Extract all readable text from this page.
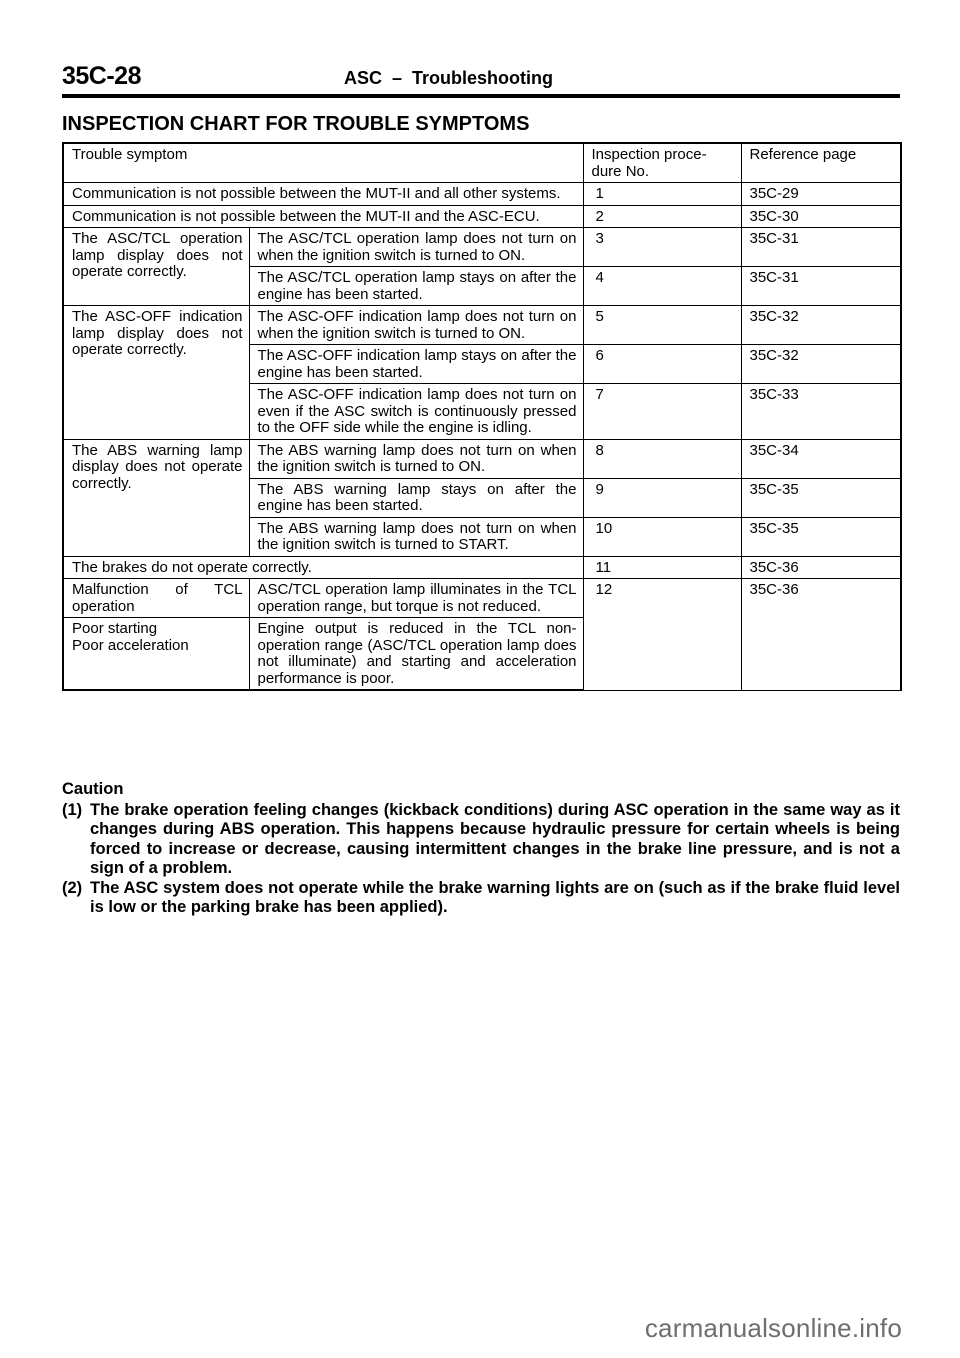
35C-28	ASC  –  Troubleshooting
INSPECTION CHART FOR TROUBLE SYMPTOMS
Trouble symptom		Inspection proce-dure No.	Reference page
Communication is not possible between the MUT-II and all other systems.		1	35C-29
Communication is not possible between the MUT-II and the ASC-ECU.		2	35C-30
The ASC/TCL operation lamp display does not operate correctly.	The ASC/TCL operation lamp does not turn on when the ignition switch is turned to ON.	3	35C-31
	The ASC/TCL operation lamp stays on after the engine has been started.	4	35C-31
The ASC-OFF indication lamp display does not operate correctly.	The ASC-OFF indication lamp does not turn on when the ignition switch is turned to ON.	5	35C-32
	The ASC-OFF indication lamp stays on after the engine has been started.	6	35C-32
	The ASC-OFF indication lamp does not turn on even if the ASC switch is continuously pressed to the OFF side while the engine is idling.	7	35C-33
The ABS warning lamp display does not operate correctly.	The ABS warning lamp does not turn on when the ignition switch is turned to ON.	8	35C-34
	The ABS warning lamp stays on after the engine has been started.	9	35C-35
	The ABS warning lamp does not turn on when the ignition switch is turned to START.	10	35C-35
The brakes do not operate correctly.		11	35C-36
Malfunction of TCL operation	ASC/TCL operation lamp illuminates in the TCL operation range, but torque is not reduced.	12	35C-36
Poor starting
Poor acceleration	Engine output is reduced in the TCL non-operation range (ASC/TCL operation lamp does not illuminate) and starting and acceleration performance is poor.		
Caution
(1) The brake operation feeling changes (kickback conditions) during ASC operation in the same way as it changes during ABS operation. This happens because hydraulic pressure for certain wheels is being forced to increase or decrease, causing intermittent changes in the brake line pressure, and is not a sign of a problem.
(2) The ASC system does not operate while the brake warning lights are on (such as if the brake fluid level is low or the parking brake has been applied).
carmanualsonline.info
